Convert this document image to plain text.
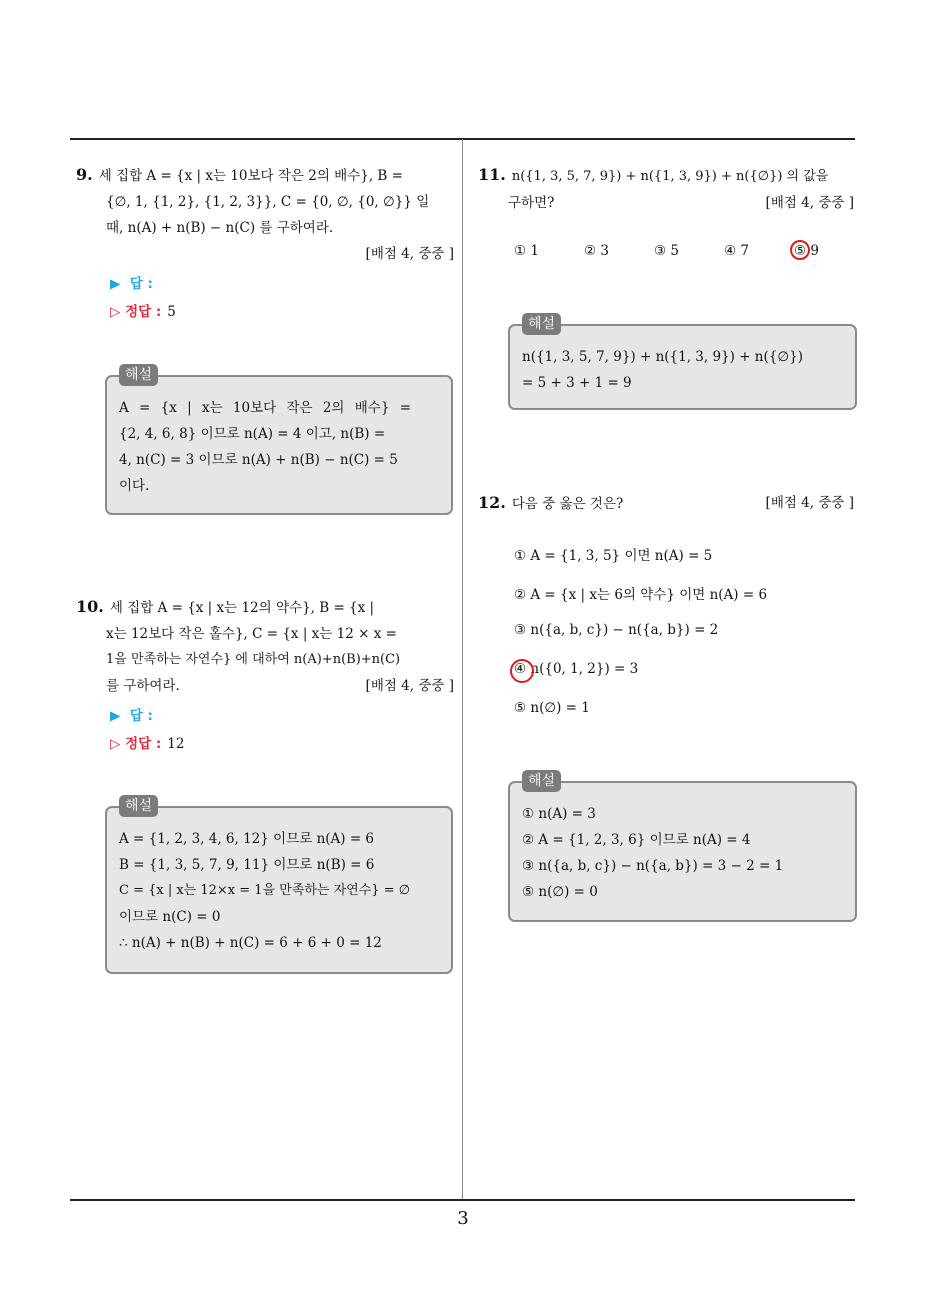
3
9. 세 집합 A = {x | x는 10보다 작은 2의 배수}, B =
{∅, 1, {1, 2}, {1, 2, 3}}, C = {0, ∅, {0, ∅}} 일
때, n(A) + n(B) − n(C) 를 구하여라.
[배점 4, 중중 ]
▶ 답 :
▷ 정답 : 5
해설
A = {x | x는 10보다 작은 2의 배수} =
{2, 4, 6, 8} 이므로 n(A) = 4 이고, n(B) =
4, n(C) = 3 이므로 n(A) + n(B) − n(C) = 5
이다.
10. 세 집합 A = {x | x는 12의 약수}, B = {x |
x는 12보다 작은 홀수}, C = {x | x는 12 × x =
1을 만족하는 자연수} 에 대하여 n(A)+n(B)+n(C)
를 구하여라.	[배점 4, 중중 ]
▶ 답 :
▷ 정답 : 12
해설
A = {1, 2, 3, 4, 6, 12} 이므로 n(A) = 6
B = {1, 3, 5, 7, 9, 11} 이므로 n(B) = 6
C = {x | x는 12×x = 1을 만족하는 자연수} = ∅
이므로 n(C) = 0
∴ n(A) + n(B) + n(C) = 6 + 6 + 0 = 12
11. n({1, 3, 5, 7, 9}) + n({1, 3, 9}) + n({∅}) 의 값을
구하면?	[배점 4, 중중 ]
① 1	② 3	③ 5	④ 7	⑤ 9
해설
n({1, 3, 5, 7, 9}) + n({1, 3, 9}) + n({∅})
= 5 + 3 + 1 = 9
12. 다음 중 옳은 것은?	[배점 4, 중중 ]
① A = {1, 3, 5} 이면 n(A) = 5
② A = {x | x는 6의 약수} 이면 n(A) = 6
③ n({a, b, c}) − n({a, b}) = 2
④ n({0, 1, 2}) = 3
⑤ n(∅) = 1
해설
① n(A) = 3
② A = {1, 2, 3, 6} 이므로 n(A) = 4
③ n({a, b, c}) − n({a, b}) = 3 − 2 = 1
⑤ n(∅) = 0
